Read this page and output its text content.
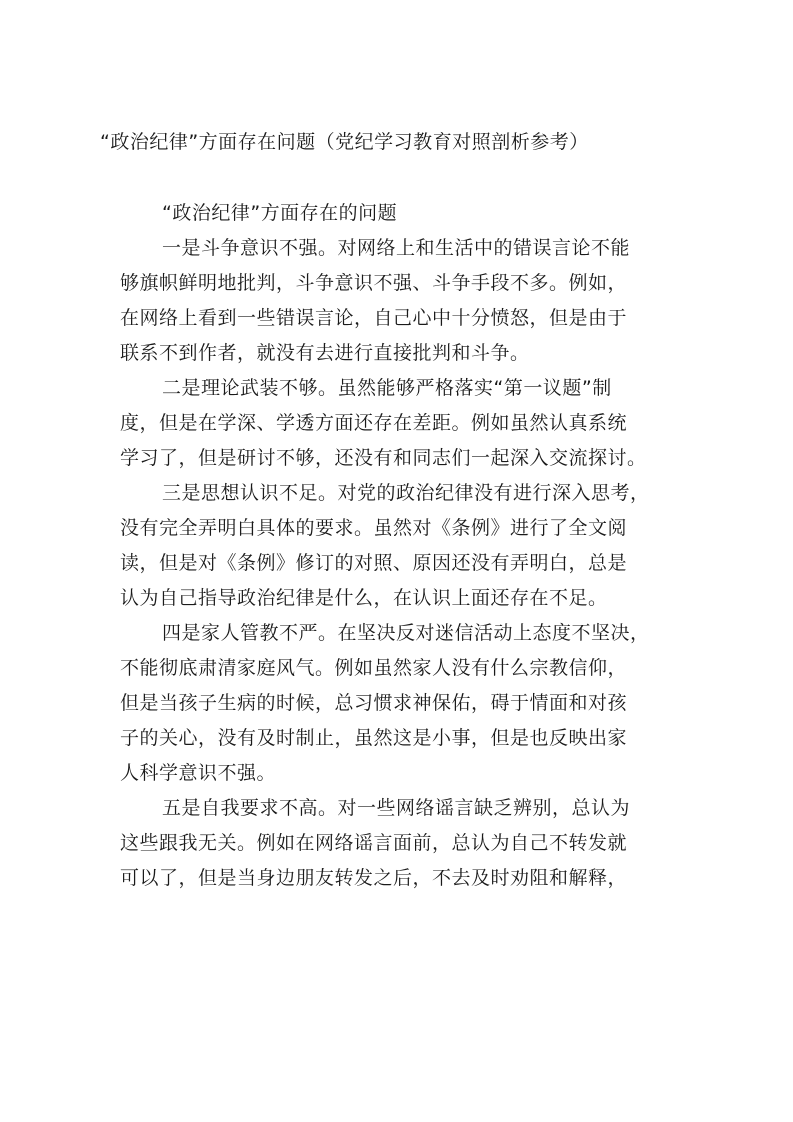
“政治纪律”方面存在问题（党纪学习教育对照剖析参考）

“政治纪律”方面存在的问题

一是斗争意识不强。对网络上和生活中的错误言论不能
够旗帜鲜明地批判，斗争意识不强、斗争手段不多。例如，
在网络上看到一些错误言论，自己心中十分愤怒，但是由于
联系不到作者，就没有去进行直接批判和斗争。

二是理论武装不够。虽然能够严格落实“第一议题”制
度，但是在学深、学透方面还存在差距。例如虽然认真系统
学习了，但是研讨不够，还没有和同志们一起深入交流探讨。

三是思想认识不足。对党的政治纪律没有进行深入思考，
没有完全弄明白具体的要求。虽然对《条例》进行了全文阅
读，但是对《条例》修订的对照、原因还没有弄明白，总是
认为自己指导政治纪律是什么，在认识上面还存在不足。

四是家人管教不严。在坚决反对迷信活动上态度不坚决，
不能彻底肃清家庭风气。例如虽然家人没有什么宗教信仰，
但是当孩子生病的时候，总习惯求神保佑，碍于情面和对孩
子的关心，没有及时制止，虽然这是小事，但是也反映出家
人科学意识不强。

五是自我要求不高。对一些网络谣言缺乏辨别，总认为
这些跟我无关。例如在网络谣言面前，总认为自己不转发就
可以了，但是当身边朋友转发之后，不去及时劝阻和解释，
